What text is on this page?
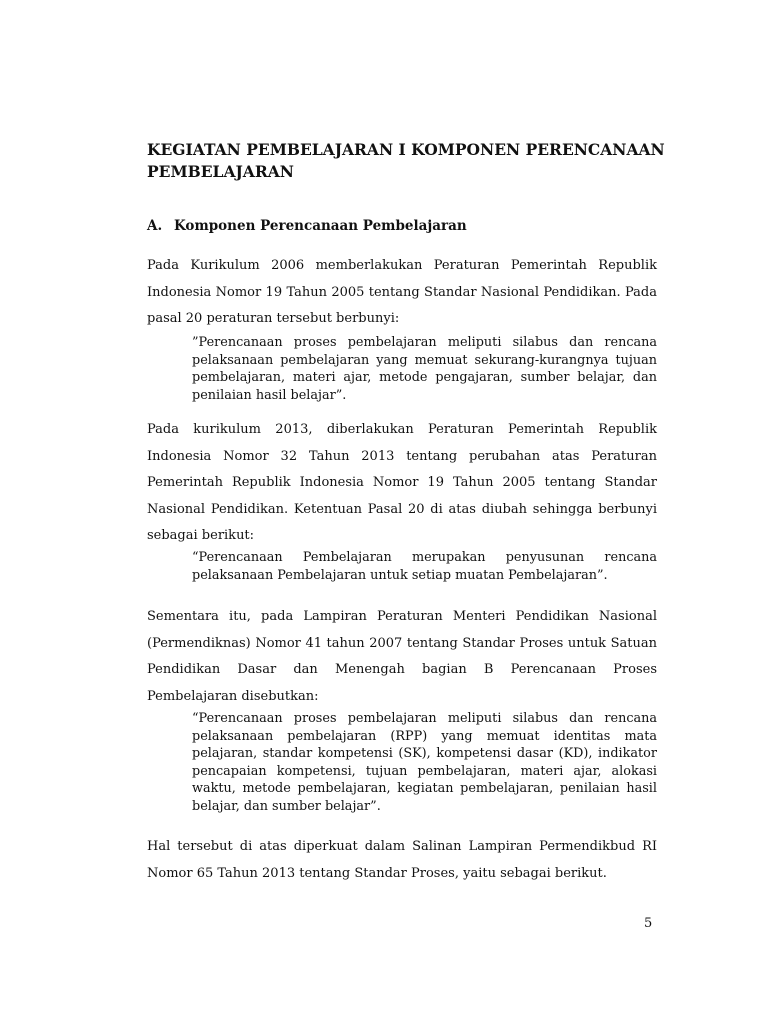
KEGIATAN PEMBELAJARAN I KOMPONEN PERENCANAAN PEMBELAJARAN
A. Komponen Perencanaan Pembelajaran

Pada Kurikulum 2006 memberlakukan Peraturan Pemerintah Republik Indonesia Nomor 19 Tahun 2005 tentang Standar Nasional Pendidikan. Pada pasal 20 peraturan tersebut berbunyi:

”Perencanaan proses pembelajaran meliputi silabus dan rencana pelaksanaan pembelajaran yang memuat sekurang-kurangnya tujuan pembelajaran, materi ajar, metode pengajaran, sumber belajar, dan penilaian hasil belajar”.

Pada kurikulum 2013, diberlakukan Peraturan Pemerintah Republik Indonesia Nomor 32 Tahun 2013 tentang perubahan atas Peraturan Pemerintah Republik Indonesia Nomor 19 Tahun 2005 tentang Standar Nasional Pendidikan. Ketentuan Pasal 20 di atas diubah sehingga berbunyi sebagai berikut:

“Perencanaan Pembelajaran merupakan penyusunan rencana pelaksanaan Pembelajaran untuk setiap muatan Pembelajaran”.

Sementara itu, pada Lampiran Peraturan Menteri Pendidikan Nasional (Permendiknas) Nomor 41 tahun 2007 tentang Standar Proses untuk Satuan Pendidikan Dasar dan Menengah bagian B Perencanaan Proses Pembelajaran disebutkan:

“Perencanaan proses pembelajaran meliputi silabus dan rencana pelaksanaan pembelajaran (RPP) yang memuat identitas mata pelajaran, standar kompetensi (SK), kompetensi dasar (KD), indikator pencapaian kompetensi, tujuan pembelajaran, materi ajar, alokasi waktu, metode pembelajaran, kegiatan pembelajaran, penilaian hasil belajar, dan sumber belajar”.

Hal tersebut di atas diperkuat dalam Salinan Lampiran Permendikbud RI Nomor 65 Tahun 2013 tentang Standar Proses, yaitu sebagai berikut.

5
